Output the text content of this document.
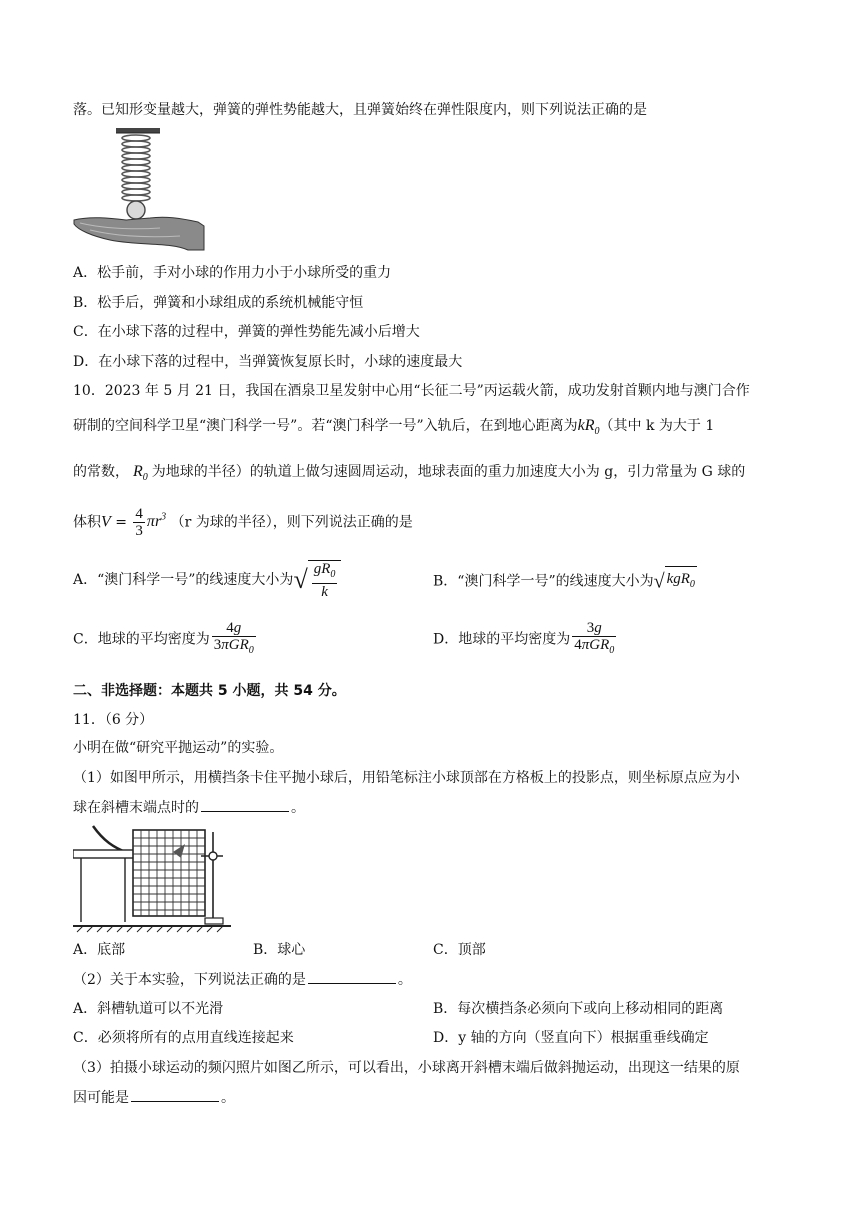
落。已知形变量越大，弹簧的弹性势能越大，且弹簧始终在弹性限度内，则下列说法正确的是
A．松手前，手对小球的作用力小于小球所受的重力
B．松手后，弹簧和小球组成的系统机械能守恒
C．在小球下落的过程中，弹簧的弹性势能先减小后增大
D．在小球下落的过程中，当弹簧恢复原长时，小球的速度最大
10．2023 年 5 月 21 日，我国在酒泉卫星发射中心用“长征二号”丙运载火箭，成功发射首颗内地与澳门合作
研制的空间科学卫星“澳门科学一号”。若“澳门科学一号”入轨后，在到地心距离为$kR_0$（其中 k 为大于 1
的常数， $R_0$ 为地球的半径）的轨道上做匀速圆周运动，地球表面的重力加速度大小为 g，引力常量为 G 球的
体积$V = \frac{4}{3} \pi r^3$ （r 为球的半径），则下列说法正确的是
A．“澳门科学一号”的线速度大小为√ $\frac{gR_0}{k}$	B．“澳门科学一号”的线速度大小为√ kgR$_0$
C．地球的平均密度为 $\frac{4g}{3\pi GR_0}$	D．地球的平均密度为 $\frac{3g}{4\pi GR_0}$
二、非选择题：本题共 5 小题，共 54 分。
11．（6 分）
小明在做“研究平抛运动”的实验。
（1）如图甲所示，用横挡条卡住平抛小球后，用铅笔标注小球顶部在方格板上的投影点，则坐标原点应为小
球在斜槽末端点时的	。
A．底部	B．球心	C．顶部
（2）关于本实验，下列说法正确的是	。
A．斜槽轨道可以不光滑	B．每次横挡条必须向下或向上移动相同的距离
C．必须将所有的点用直线连接起来	D．y 轴的方向（竖直向下）根据重垂线确定
（3）拍摄小球运动的频闪照片如图乙所示，可以看出，小球离开斜槽末端后做斜抛运动，出现这一结果的原
因可能是	。
